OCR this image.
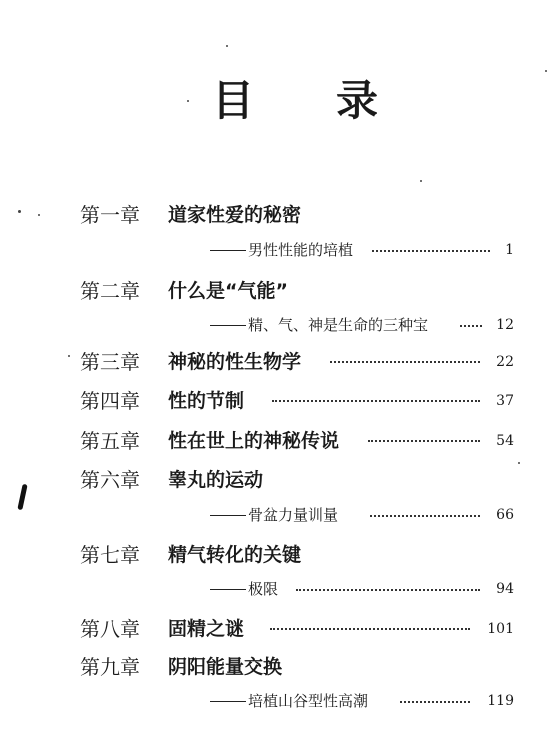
目 录
第一章 道家性爱的秘密
男性性能的培植	1
第二章 什么是“气能”
精、气、神是生命的三种宝	12
第三章 神秘的性生物学	22
第四章 性的节制	37
第五章 性在世上的神秘传说	54
第六章 睾丸的运动
骨盆力量训量	66
第七章 精气转化的关键
极限	94
第八章 固精之谜	101
第九章 阴阳能量交换
培植山谷型性高潮	119
